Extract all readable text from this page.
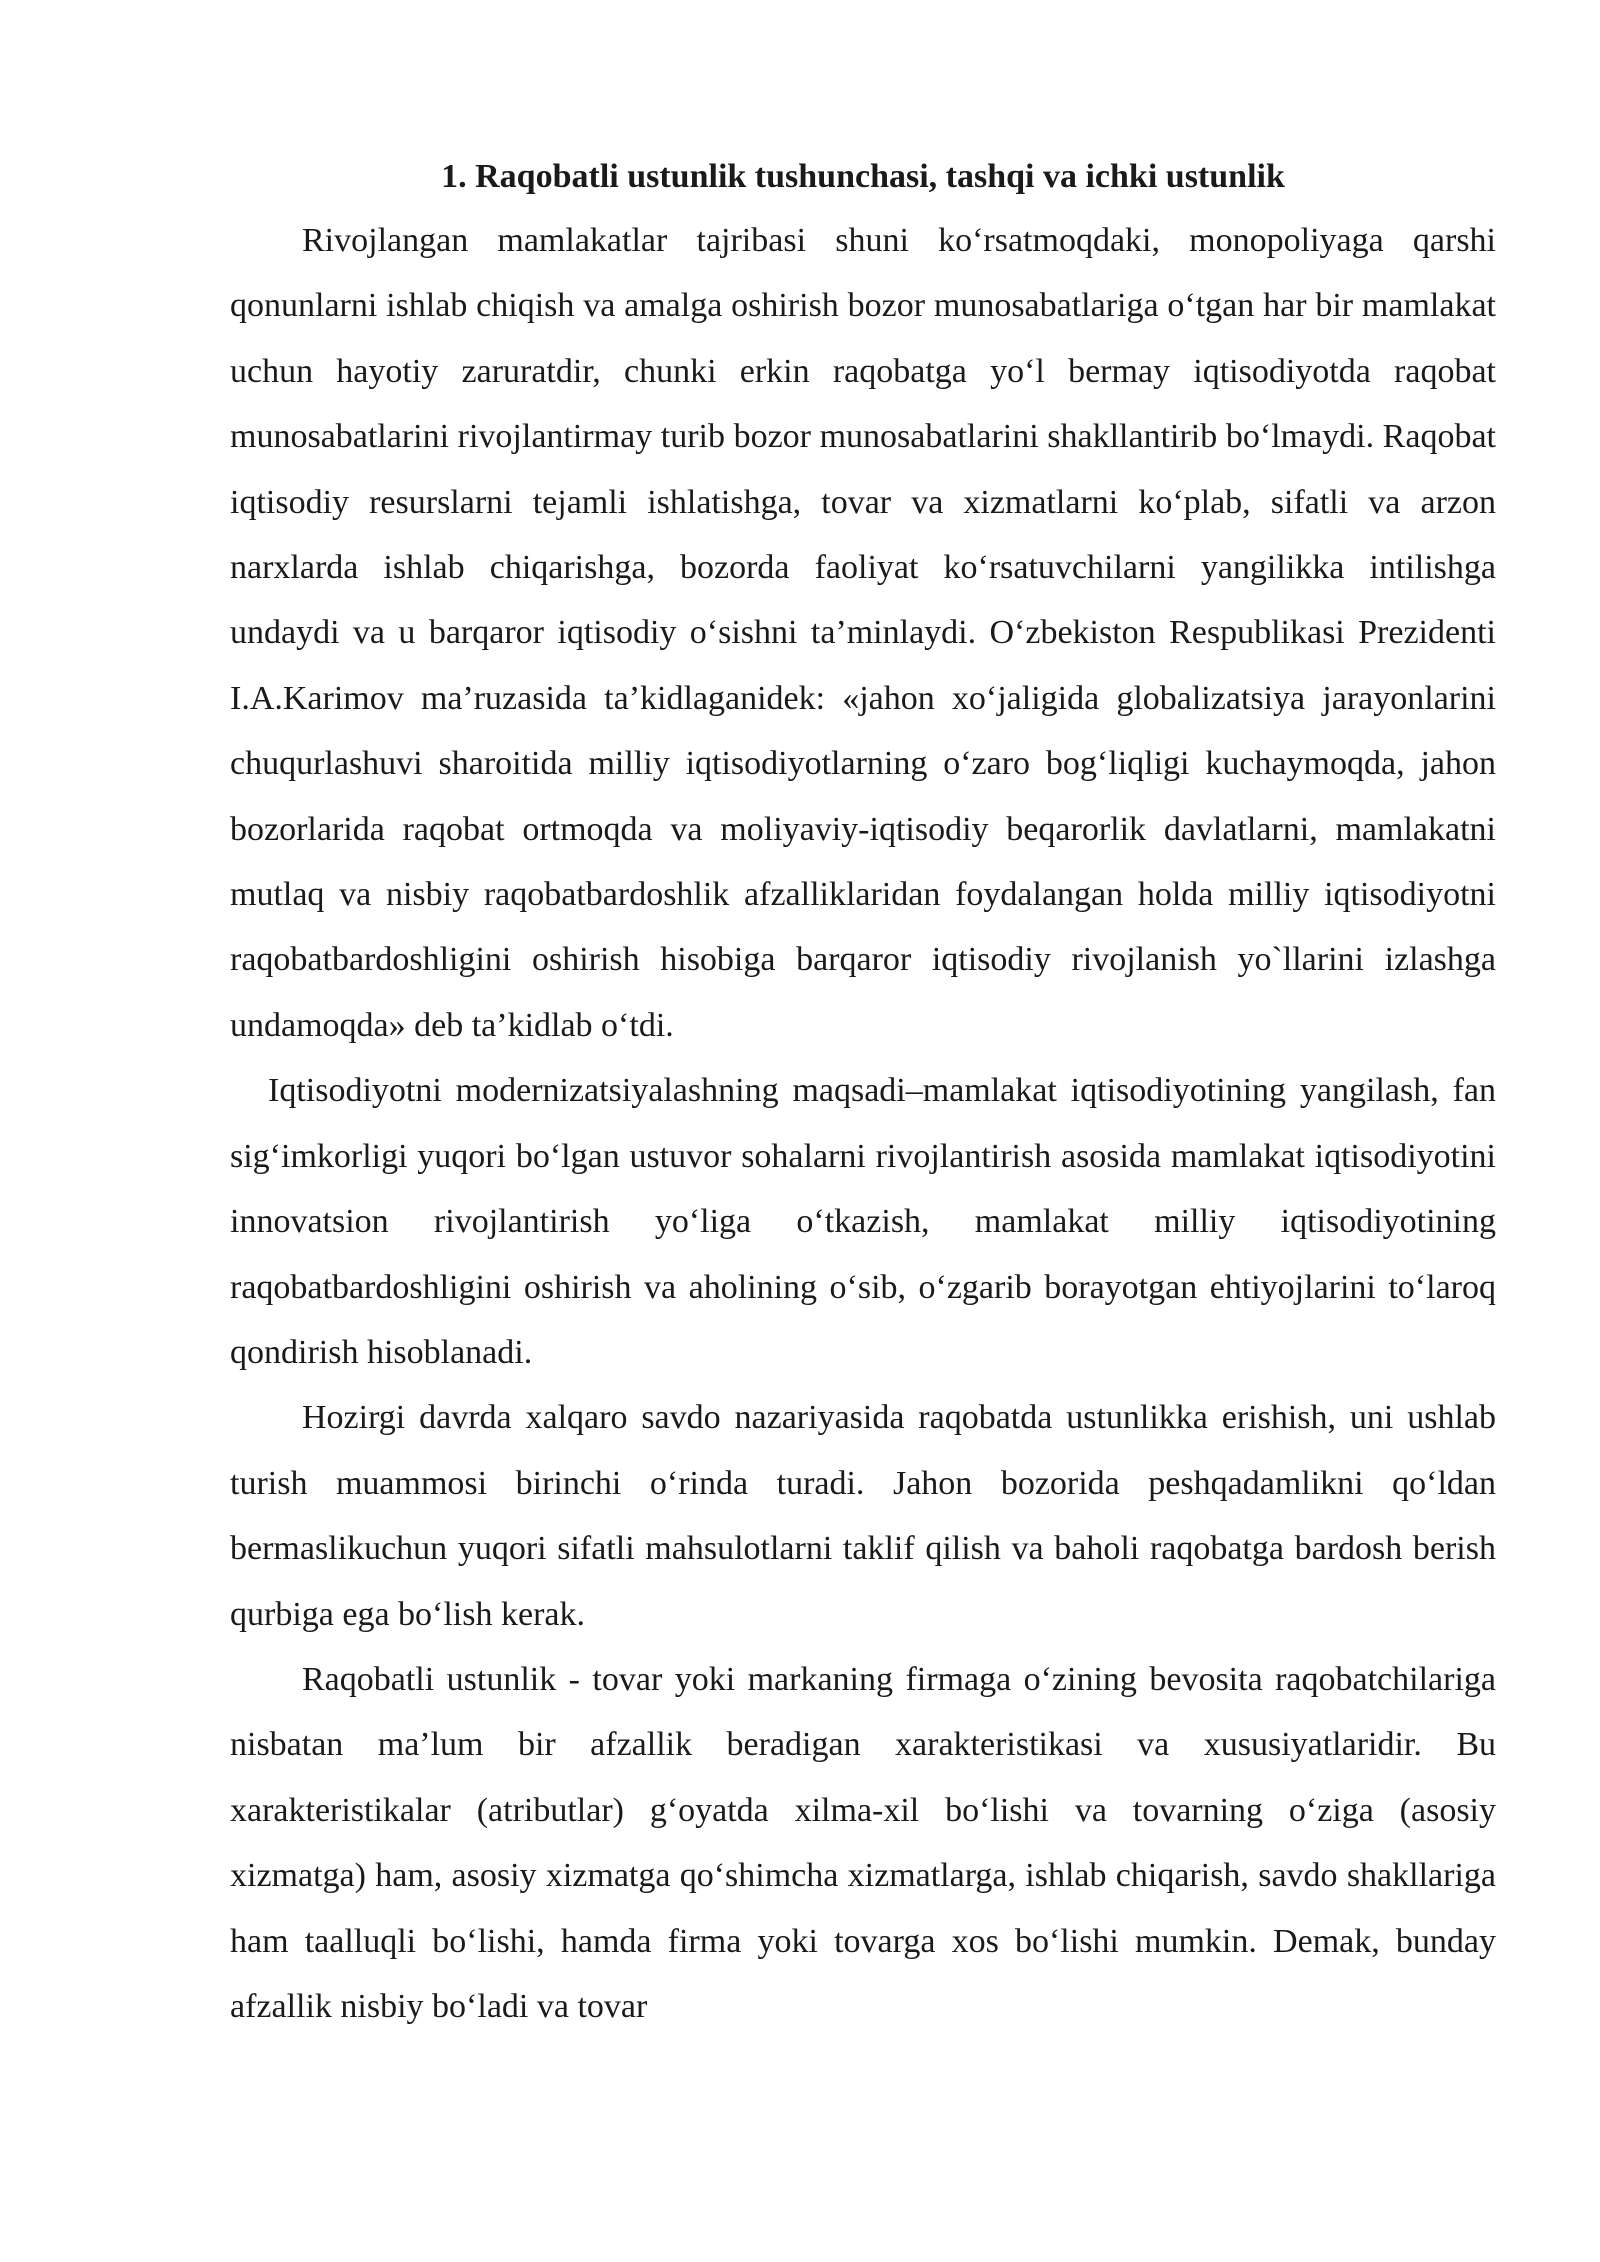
1. Raqobatli ustunlik tushunchasi, tashqi va ichki ustunlik

Rivojlangan mamlakatlar tajribasi shuni ko‘rsatmoqdaki, monopoliyaga qarshi qonunlarni ishlab chiqish va amalga oshirish bozor munosabatlariga o‘tgan har bir mamlakat uchun hayotiy zaruratdir, chunki erkin raqobatga yo‘l bermay iqtisodiyotda raqobat munosabatlarini rivojlantirmay turib bozor munosabatlarini shakllantirib bo‘lmaydi. Raqobat iqtisodiy resurslarni tejamli ishlatishga, tovar va xizmatlarni ko‘plab, sifatli va arzon narxlarda ishlab chiqarishga, bozorda faoliyat ko‘rsatuvchilarni yangilikka intilishga undaydi va u barqaror iqtisodiy o‘sishni ta’minlaydi. O‘zbekiston Respublikasi Prezidenti I.A.Karimov ma’ruzasida ta’kidlaganidek: «jahon xo‘jaligida globalizatsiya jarayonlarini chuqurlashuvi sharoitida milliy iqtisodiyotlarning o‘zaro bog‘liqligi kuchaymoqda, jahon bozorlarida raqobat ortmoqda va moliyaviy-iqtisodiy beqarorlik davlatlarni, mamlakatni mutlaq va nisbiy raqobatbardoshlik afzalliklaridan foydalangan holda milliy iqtisodiyotni raqobatbardoshligini oshirish hisobiga barqaror iqtisodiy rivojlanish yo`llarini izlashga undamoqda» deb ta’kidlab o‘tdi.

Iqtisodiyotni modernizatsiyalashning maqsadi–mamlakat iqtisodiyotining yangilash, fan sig‘imkorligi yuqori bo‘lgan ustuvor sohalarni rivojlantirish asosida mamlakat iqtisodiyotini innovatsion rivojlantirish yo‘liga o‘tkazish, mamlakat milliy iqtisodiyotining raqobatbardoshligini oshirish va aholining o‘sib, o‘zgarib borayotgan ehtiyojlarini to‘laroq qondirish hisoblanadi.

Hozirgi davrda xalqaro savdo nazariyasida raqobatda ustunlikka erishish, uni ushlab turish muammosi birinchi o‘rinda turadi. Jahon bozorida peshqadamlikni qo‘ldan bermaslikuchun yuqori sifatli mahsulotlarni taklif qilish va baholi raqobatga bardosh berish qurbiga ega bo‘lish kerak.

Raqobatli ustunlik - tovar yoki markaning firmaga o‘zining bevosita raqobatchilariga nisbatan ma’lum bir afzallik beradigan xarakteristikasi va xususiyatlaridir. Bu xarakteristikalar (atributlar) g‘oyatda xilma-xil bo‘lishi va tovarning o‘ziga (asosiy xizmatga) ham, asosiy xizmatga qo‘shimcha xizmatlarga, ishlab chiqarish, savdo shakllariga ham taalluqli bo‘lishi, hamda firma yoki tovarga xos bo‘lishi mumkin. Demak, bunday afzallik nisbiy bo‘ladi va tovar
